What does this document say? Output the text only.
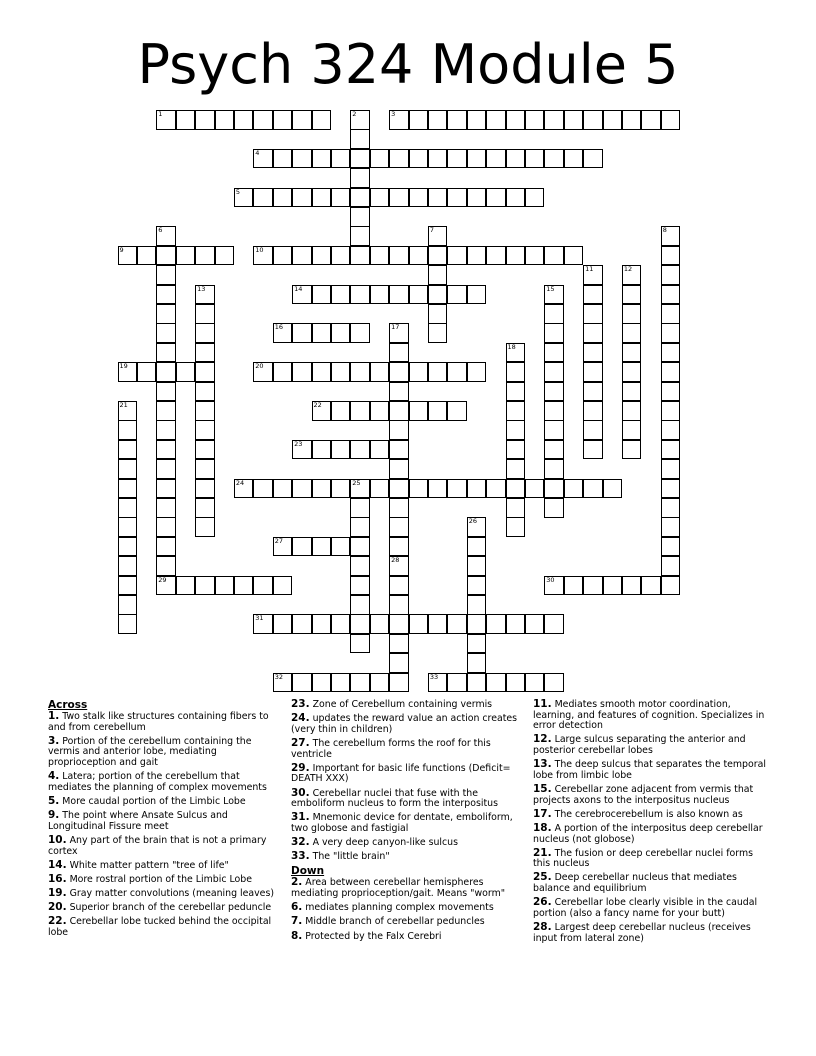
Psych 324 Module 5
1	3
4
5
9	10
14
16
19	20
22
23
24	25
27
29	30
31
32	33
2
6	7	8
11	12
13	15
17
18
21
26
28
Across
1. Two stalk like structures containing fibers to and from cerebellum
3. Portion of the cerebellum containing the vermis and anterior lobe, mediating proprioception and gait
4. Latera; portion of the cerebellum that mediates the planning of complex movements
5. More caudal portion of the Limbic Lobe
9. The point where Ansate Sulcus and Longitudinal Fissure meet
10. Any part of the brain that is not a primary cortex
14. White matter pattern "tree of life"
16. More rostral portion of the Limbic Lobe
19. Gray matter convolutions (meaning leaves)
20. Superior branch of the cerebellar peduncle
22. Cerebellar lobe tucked behind the occipital lobe
23. Zone of Cerebellum containing vermis
24. updates the reward value an action creates (very thin in children)
27. The cerebellum forms the roof for this ventricle
29. Important for basic life functions (Deficit= DEATH XXX)
30. Cerebellar nuclei that fuse with the emboliform nucleus to form the interpositus
31. Mnemonic device for dentate, emboliform, two globose and fastigial
32. A very deep canyon-like sulcus
33. The "little brain"
Down
2. Area between cerebellar hemispheres mediating proprioception/gait. Means "worm"
6. mediates planning complex movements
7. Middle branch of cerebellar peduncles
8. Protected by the Falx Cerebri
11. Mediates smooth motor coordination, learning, and features of cognition. Specializes in error detection
12. Large sulcus separating the anterior and posterior cerebellar lobes
13. The deep sulcus that separates the temporal lobe from limbic lobe
15. Cerebellar zone adjacent from vermis that projects axons to the interpositus nucleus
17. The cerebrocerebellum is also known as
18. A portion of the interpositus deep cerebellar nucleus (not globose)
21. The fusion or deep cerebellar nuclei forms this nucleus
25. Deep cerebellar nucleus that mediates balance and equilibrium
26. Cerebellar lobe clearly visible in the caudal portion (also a fancy name for your butt)
28. Largest deep cerebellar nucleus (receives input from lateral zone)
